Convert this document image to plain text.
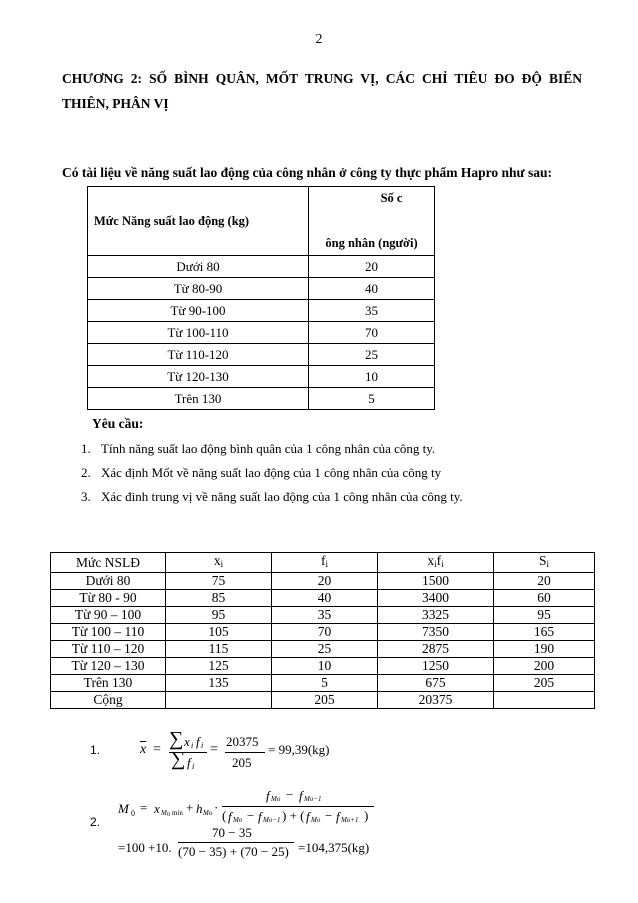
2
CHƯƠNG 2: SỐ BÌNH QUÂN, MỐT TRUNG VỊ, CÁC CHỈ TIÊU ĐO ĐỘ BIẾN THIÊN, PHÂN VỊ
Có tài liệu về năng suất lao động của công nhân ở công ty thực phẩm Hapro như sau:
Mức Năng suất lao động (kg)	Số c
ông nhân (người)

Dưới 80	20
Từ 80-90	40
Từ 90-100	35
Từ 100-110	70
Từ 110-120	25
Từ 120-130	10
Trên 130	5
Yêu cầu:
1. Tính năng suất lao động bình quân của 1 công nhân của công ty.
2. Xác định Mốt về năng suất lao động của 1 công nhân của công ty
3. Xác đinh trung vị về năng suất lao động của 1 công nhân của công ty.
Mức NSLĐ	$x_i$	$f_i$	$x_if_i$	$S_i$
Dưới 80	75	20	1500	20
Từ 80 - 90	85	40	3400	60
Từ 90 – 100	95	35	3325	95
Từ 100 – 110	105	70	7350	165
Từ 110 – 120	115	25	2875	190
Từ 120 – 130	125	10	1250	200
Trên 130	135	5	675	205
Cộng		205	20375	
1.	$\overline{x}$ = ∑ x i f i
∑ f i
=
20375
205
= 99,39(kg)
2.
M 0 = x M 0 min + h Mo ·
f Mo − f Mo−1
( f Mo − f Mo−1 ) + ( f Mo − f Mo+1 )
=100 +10.
70 − 35
(70 − 35) + (70 − 25) =104,375(kg)
